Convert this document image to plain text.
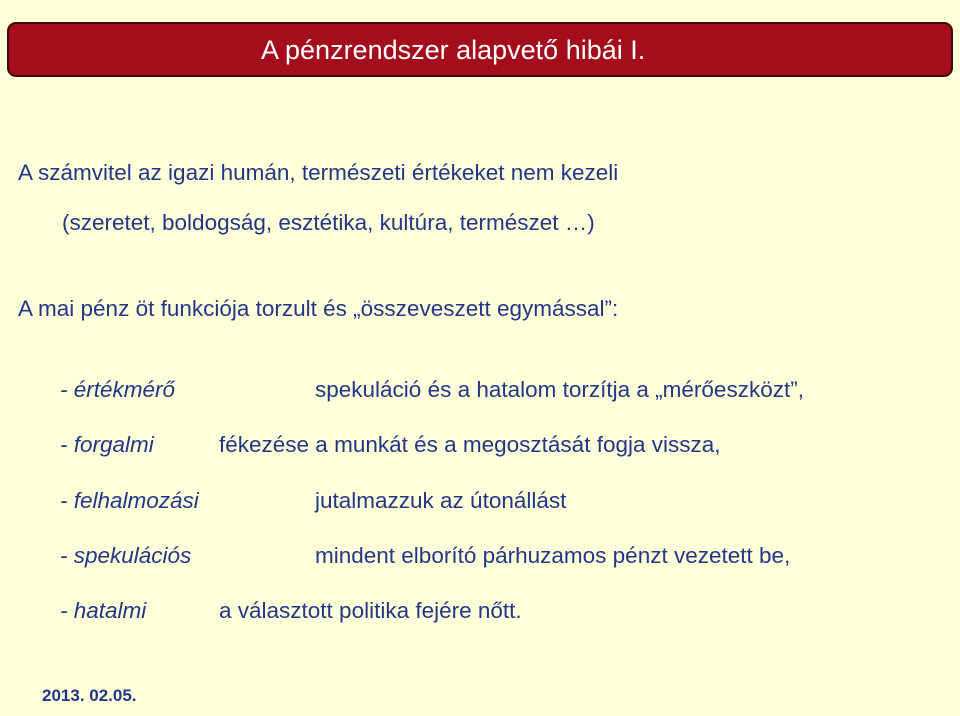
A pénzrendszer alapvető hibái I.
A számvitel az igazi humán, természeti értékeket nem kezeli
(szeretet, boldogság, esztétika, kultúra, természet …)
A mai pénz öt funkciója torzult és „összeveszett egymással”:
- értékmérő	spekuláció és a hatalom torzítja a „mérőeszközt”,
- forgalmi	fékezése a munkát és a megosztását fogja vissza,
- felhalmozási	jutalmazzuk az útonállást
- spekulációs	mindent elborító párhuzamos pénzt vezetett be,
- hatalmi	a választott politika fejére nőtt.
2013. 02.05.
